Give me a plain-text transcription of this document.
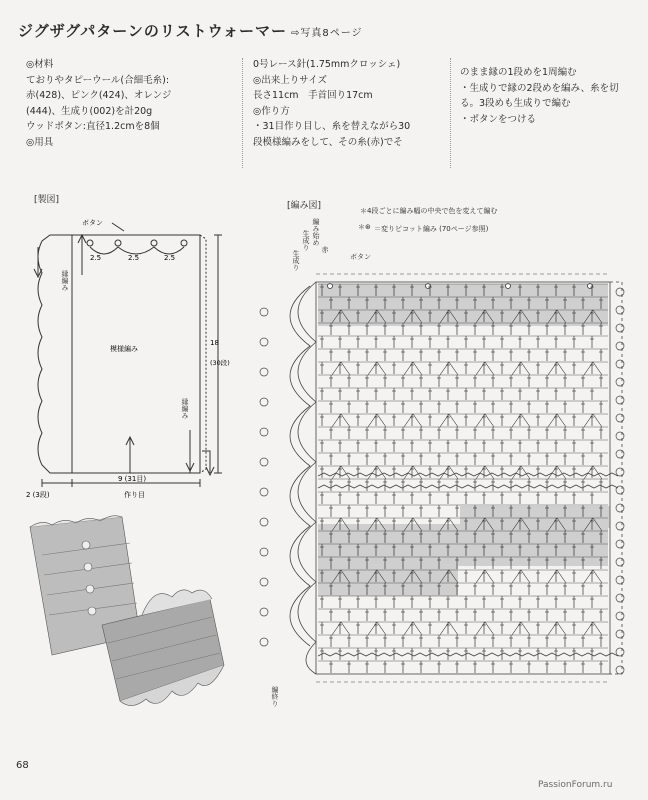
ジグザグパターンのリストウォーマー ⇨写真8ページ
◎材料
ておりやタピーウール(合細毛糸):
赤(428)、ピンク(424)、オレンジ
(444)、生成り(002)を計20g
ウッドボタン:直径1.2cmを8個
◎用具
0号レース針(1.75mmクロッシェ)
◎出来上りサイズ
長さ11cm　手首回り17cm
◎作り方
・31目作り目し、糸を替えながら30
段模様編みをして、その糸(赤)でそ
のまま縁の1段めを1周編む
・生成りで縁の2段めを編み、糸を切
る。3段めも生成りで編む
・ボタンをつける
[製図]
ボタン
2.5	2.5	2.5
模様編み
18
(30段)
9 (31目)
作り目
2 (3段)
縁編み
縁編み
[編み図]	＊4段ごとに編み幅の中央で色を変えて編む
＝変りピコット編み (70ページ参照)
＊⊛
編み始め
生成り 赤
生成り	ボタン
編終り
68
PassionForum.ru
